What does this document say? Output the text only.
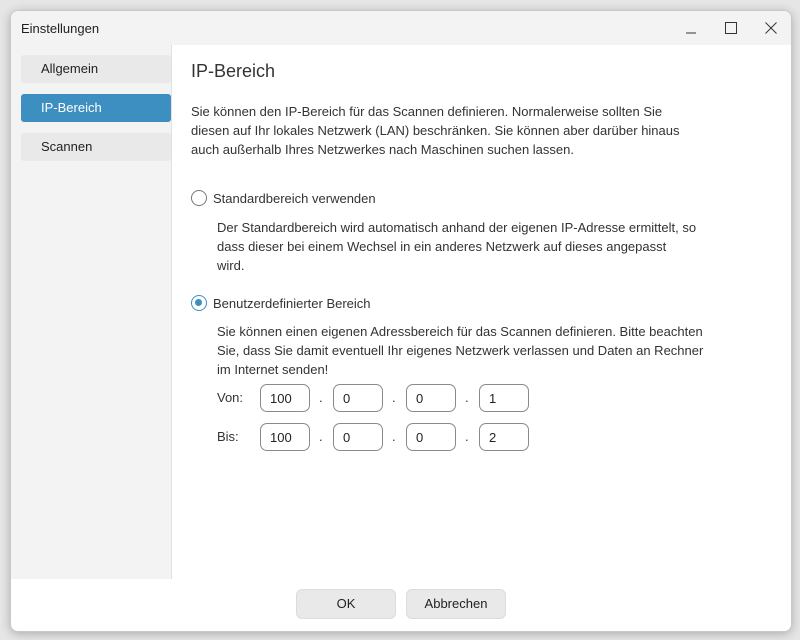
Einstellungen
Allgemein
IP-Bereich
Scannen
IP-Bereich
Sie können den IP-Bereich für das Scannen definieren. Normalerweise sollten Sie diesen auf Ihr lokales Netzwerk (LAN) beschränken. Sie können aber darüber hinaus auch außerhalb Ihres Netzwerkes nach Maschinen suchen lassen.
Standardbereich verwenden
Der Standardbereich wird automatisch anhand der eigenen IP-Adresse ermittelt, so dass dieser bei einem Wechsel in ein anderes Netzwerk auf dieses angepasst wird.
Benutzerdefinierter Bereich
Sie können einen eigenen Adressbereich für das Scannen definieren. Bitte beachten Sie, dass Sie damit eventuell Ihr eigenes Netzwerk verlassen und Daten an Rechner im Internet senden!
Von:
100	.
0	.
0	.
1
Bis:
100	.
0	.
0	.
2
OK	Abbrechen
